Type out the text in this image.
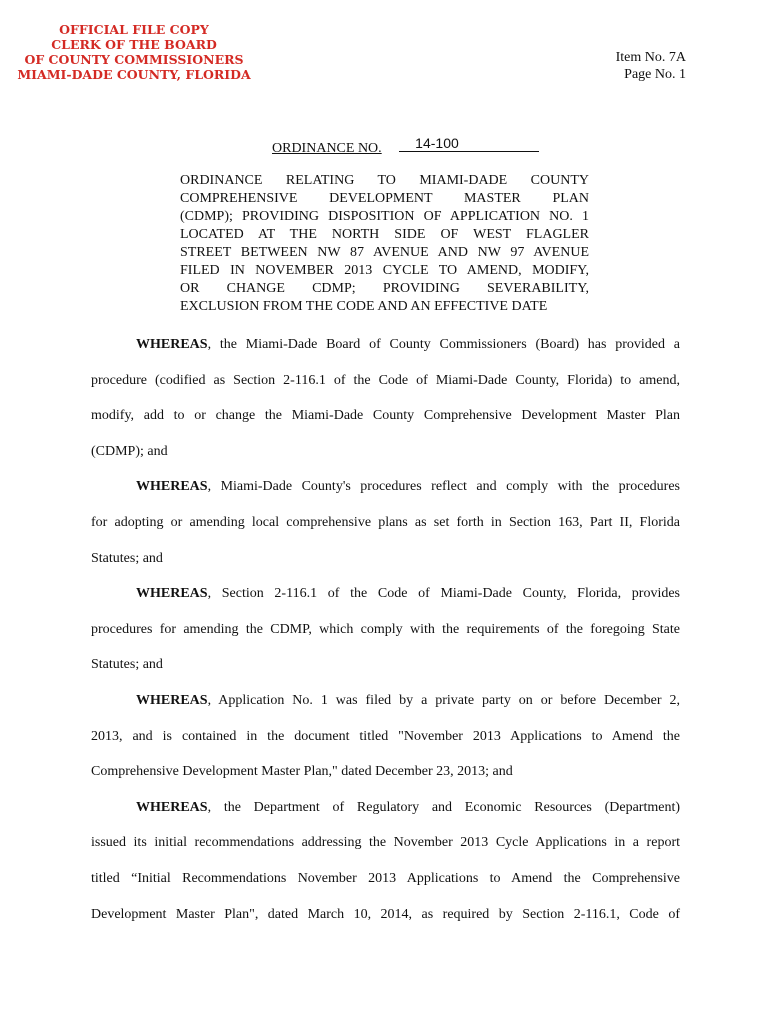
OFFICIAL FILE COPY
CLERK OF THE BOARD
OF COUNTY COMMISSIONERS
MIAMI-DADE COUNTY, FLORIDA
Item No. 7A
Page No. 1
ORDINANCE NO. 14-100
ORDINANCE RELATING TO MIAMI-DADE COUNTY
COMPREHENSIVE DEVELOPMENT MASTER PLAN
(CDMP); PROVIDING DISPOSITION OF APPLICATION NO. 1
LOCATED AT THE NORTH SIDE OF WEST FLAGLER
STREET BETWEEN NW 87 AVENUE AND NW 97 AVENUE
FILED IN NOVEMBER 2013 CYCLE TO AMEND, MODIFY,
OR CHANGE CDMP; PROVIDING SEVERABILITY,
EXCLUSION FROM THE CODE AND AN EFFECTIVE DATE
WHEREAS, the Miami-Dade Board of County Commissioners (Board) has provided a
procedure (codified as Section 2-116.1 of the Code of Miami-Dade County, Florida) to amend,
modify, add to or change the Miami-Dade County Comprehensive Development Master Plan
(CDMP); and
WHEREAS, Miami-Dade County's procedures reflect and comply with the procedures
for adopting or amending local comprehensive plans as set forth in Section 163, Part II, Florida
Statutes; and
WHEREAS, Section 2-116.1 of the Code of Miami-Dade County, Florida, provides
procedures for amending the CDMP, which comply with the requirements of the foregoing State
Statutes; and
WHEREAS, Application No. 1 was filed by a private party on or before December 2,
2013, and is contained in the document titled "November 2013 Applications to Amend the
Comprehensive Development Master Plan," dated December 23, 2013; and
WHEREAS, the Department of Regulatory and Economic Resources (Department)
issued its initial recommendations addressing the November 2013 Cycle Applications in a report
titled “Initial Recommendations November 2013 Applications to Amend the Comprehensive
Development Master Plan", dated March 10, 2014, as required by Section 2-116.1, Code of
